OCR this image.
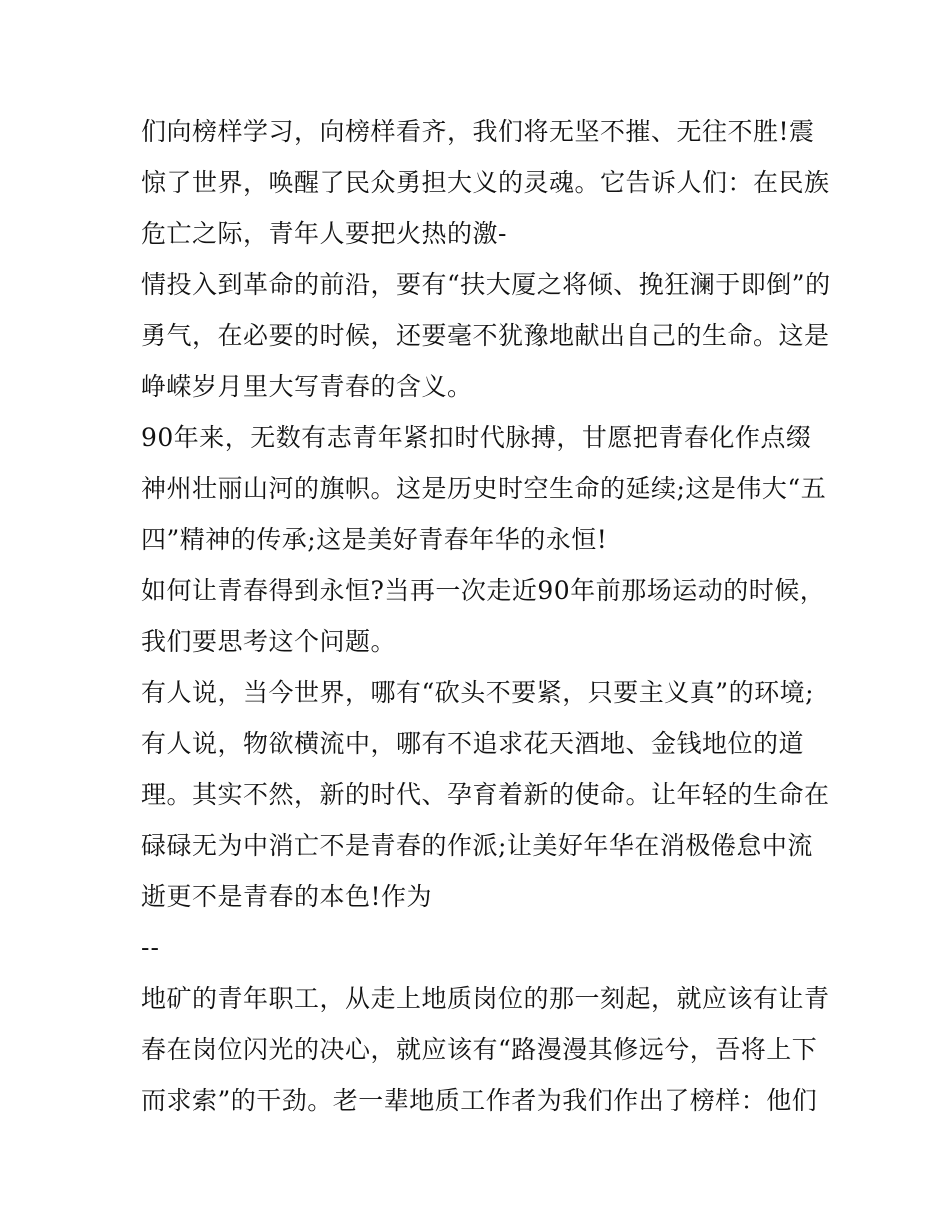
们向榜样学习，向榜样看齐，我们将无坚不摧、无往不胜!震
惊了世界，唤醒了民众勇担大义的灵魂。它告诉人们：在民族
危亡之际，青年人要把火热的激-
情投入到革命的前沿，要有“扶大厦之将倾、挽狂澜于即倒”的
勇气，在必要的时候，还要毫不犹豫地献出自己的生命。这是
峥嵘岁月里大写青春的含义。
90年来，无数有志青年紧扣时代脉搏，甘愿把青春化作点缀
神州壮丽山河的旗帜。这是历史时空生命的延续;这是伟大“五
四”精神的传承;这是美好青春年华的永恒!
如何让青春得到永恒?当再一次走近90年前那场运动的时候，
我们要思考这个问题。
有人说，当今世界，哪有“砍头不要紧，只要主义真”的环境;
有人说，物欲横流中，哪有不追求花天酒地、金钱地位的道
理。其实不然，新的时代、孕育着新的使命。让年轻的生命在
碌碌无为中消亡不是青春的作派;让美好年华在消极倦怠中流
逝更不是青春的本色!作为
--
地矿的青年职工，从走上地质岗位的那一刻起，就应该有让青
春在岗位闪光的决心，就应该有“路漫漫其修远兮，吾将上下
而求索”的干劲。老一辈地质工作者为我们作出了榜样：他们
